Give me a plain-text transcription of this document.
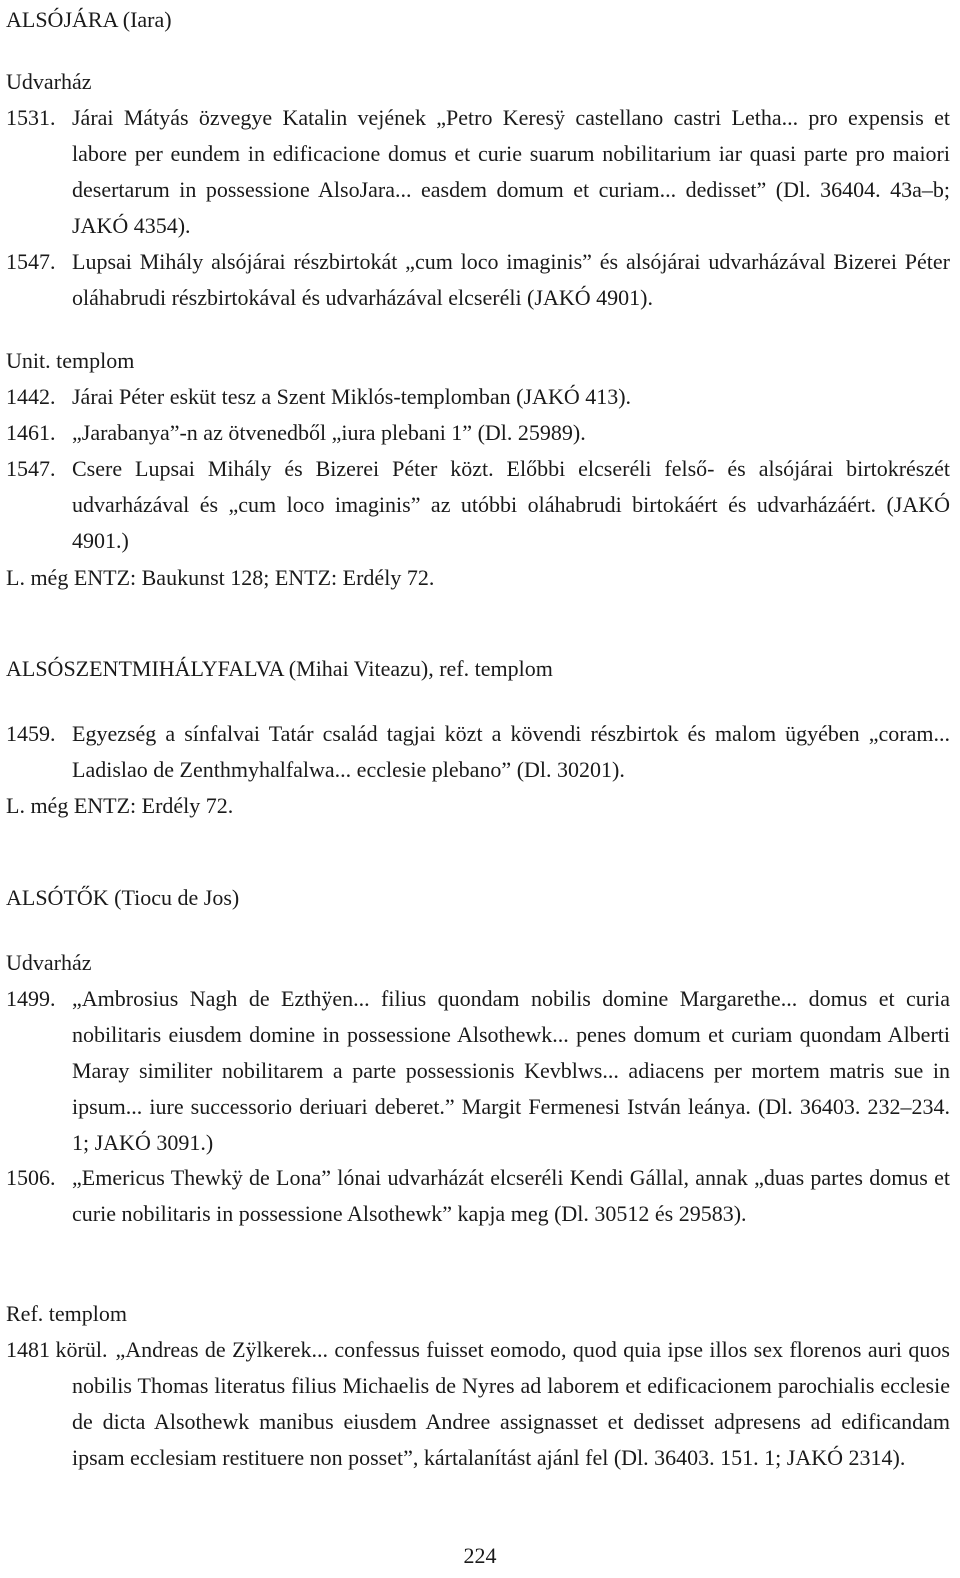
ALSÓJÁRA (Iara)
Udvarház
1531. Járai Mátyás özvegye Katalin vejének „Petro Keresÿ castellano castri Letha... pro expensis et labore per eundem in edificacione domus et curie suarum nobilitarium iar quasi parte pro maiori desertarum in possessione AlsoJara... easdem domum et curiam... dedisset” (Dl. 36404. 43a–b; JAKÓ 4354).
1547. Lupsai Mihály alsójárai részbirtokát „cum loco imaginis” és alsójárai udvarházával Bizerei Péter oláhabrudi részbirtokával és udvarházával elcseréli (JAKÓ 4901).
Unit. templom
1442. Járai Péter esküt tesz a Szent Miklós-templomban (JAKÓ 413).
1461. „Jarabanya”-n az ötvenedből „iura plebani 1” (Dl. 25989).
1547. Csere Lupsai Mihály és Bizerei Péter közt. Előbbi elcseréli felső- és alsójárai birtokrészét udvarházával és „cum loco imaginis” az utóbbi oláhabrudi birtokáért és udvarházáért. (JAKÓ 4901.)
L. még ENTZ: Baukunst 128; ENTZ: Erdély 72.
ALSÓSZENTMIHÁLYFALVA (Mihai Viteazu), ref. templom
1459. Egyezség a sínfalvai Tatár család tagjai közt a kövendi részbirtok és malom ügyében „coram... Ladislao de Zenthmyhalfalwa... ecclesie plebano” (Dl. 30201).
L. még ENTZ: Erdély 72.
ALSÓTŐK (Tiocu de Jos)
Udvarház
1499. „Ambrosius Nagh de Ezthÿen... filius quondam nobilis domine Margarethe... domus et curia nobilitaris eiusdem domine in possessione Alsothewk... penes domum et curiam quondam Alberti Maray similiter nobilitarem a parte possessionis Kevblws... adiacens per mortem matris sue in ipsum... iure successorio deriuari deberet.” Margit Fermenesi István leánya. (Dl. 36403. 232–234. 1; JAKÓ 3091.)
1506. „Emericus Thewkÿ de Lona” lónai udvarházát elcseréli Kendi Gállal, annak „duas partes domus et curie nobilitaris in possessione Alsothewk” kapja meg (Dl. 30512 és 29583).
Ref. templom
1481 körül. „Andreas de Zÿlkerek... confessus fuisset eomodo, quod quia ipse illos sex florenos auri quos nobilis Thomas literatus filius Michaelis de Nyres ad laborem et edificacionem parochialis ecclesie de dicta Alsothewk manibus eiusdem Andree assignasset et dedisset adpresens ad edificandam ipsam ecclesiam restituere non posset”, kártalanítást ajánl fel (Dl. 36403. 151. 1; JAKÓ 2314).
224
